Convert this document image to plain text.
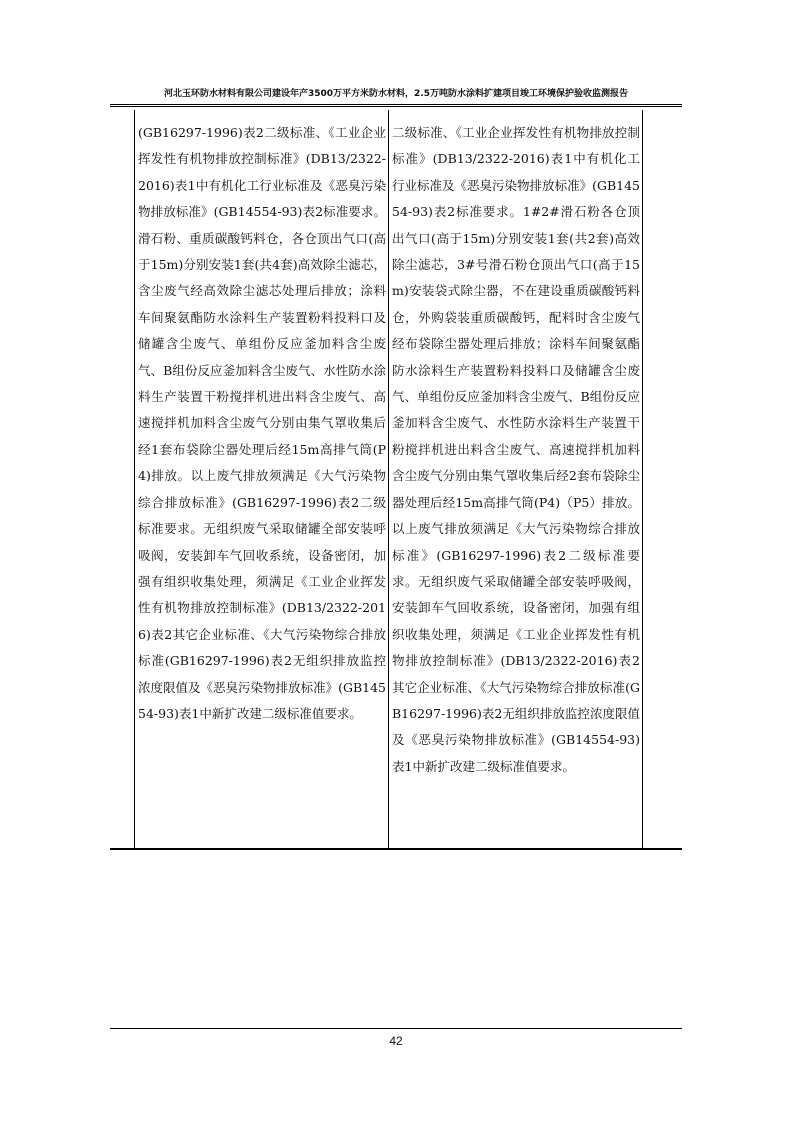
河北玉环防水材料有限公司建设年产3500万平方米防水材料，2.5万吨防水涂料扩建项目竣工环境保护验收监测报告

(GB16297-1996)表2二级标准、《工业企业挥发性有机物排放控制标准》(DB13/2322-2016)表1中有机化工行业标准及《恶臭污染物排放标准》(GB14554-93)表2标准要求。滑石粉、重质碳酸钙料仓，各仓顶出气口(高于15m)分别安装1套(共4套)高效除尘滤芯，含尘废气经高效除尘滤芯处理后排放；涂料车间聚氨酯防水涂料生产装置粉料投料口及储罐含尘废气、单组份反应釜加料含尘废气、B组份反应釜加料含尘废气、水性防水涂料生产装置干粉搅拌机进出料含尘废气、高速搅拌机加料含尘废气分别由集气罩收集后经1套布袋除尘器处理后经15m高排气筒(P4)排放。以上废气排放须满足《大气污染物综合排放标准》(GB16297-1996)表2二级标准要求。无组织废气采取储罐全部安装呼吸阀，安装卸车气回收系统，设备密闭，加强有组织收集处理，须满足《工业企业挥发性有机物排放控制标准》(DB13/2322-2016)表2其它企业标准、《大气污染物综合排放标准(GB16297-1996)表2无组织排放监控浓度限值及《恶臭污染物排放标准》(GB14554-93)表1中新扩改建二级标准值要求。

二级标准、《工业企业挥发性有机物排放控制标准》(DB13/2322-2016)表1中有机化工行业标准及《恶臭污染物排放标准》(GB14554-93)表2标准要求。1#2#滑石粉各仓顶出气口(高于15m)分别安装1套(共2套)高效除尘滤芯，3#号滑石粉仓顶出气口(高于15m)安装袋式除尘器，不在建设重质碳酸钙料仓，外购袋装重质碳酸钙，配料时含尘废气经布袋除尘器处理后排放；涂料车间聚氨酯防水涂料生产装置粉料投料口及储罐含尘废气、单组份反应釜加料含尘废气、B组份反应釜加料含尘废气、水性防水涂料生产装置干粉搅拌机进出料含尘废气、高速搅拌机加料含尘废气分别由集气罩收集后经2套布袋除尘器处理后经15m高排气筒(P4)（P5）排放。以上废气排放须满足《大气污染物综合排放标准》(GB16297-1996)表2二级标准要求。无组织废气采取储罐全部安装呼吸阀，安装卸车气回收系统，设备密闭，加强有组织收集处理，须满足《工业企业挥发性有机物排放控制标准》(DB13/2322-2016)表2其它企业标准、《大气污染物综合排放标准(GB16297-1996)表2无组织排放监控浓度限值及《恶臭污染物排放标准》(GB14554-93)表1中新扩改建二级标准值要求。

42
